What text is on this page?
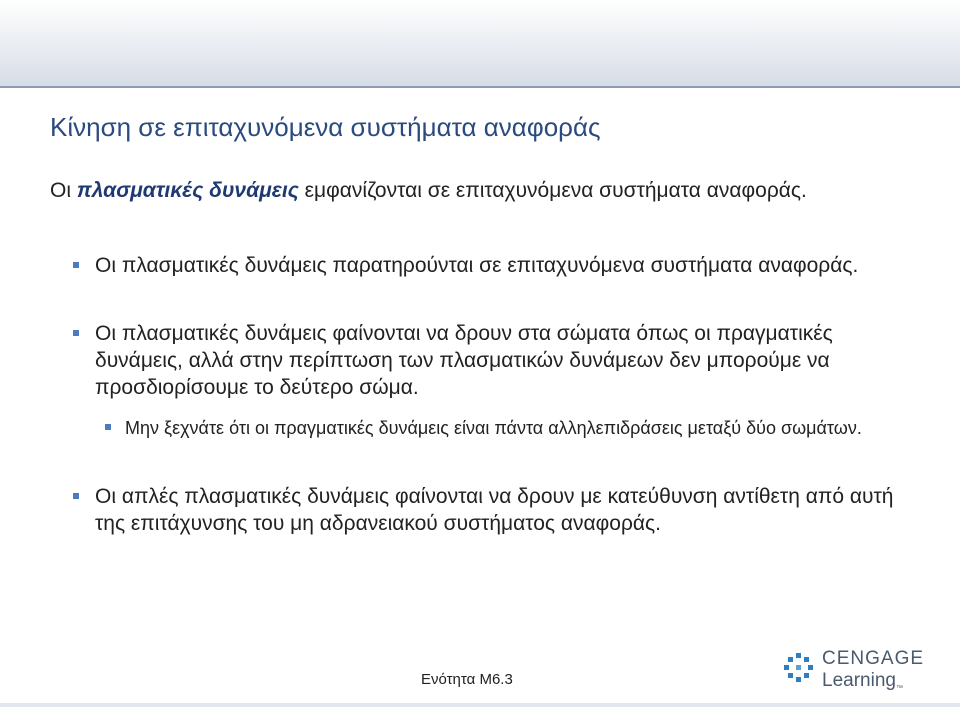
Κίνηση σε επιταχυνόμενα συστήματα αναφοράς

Οι πλασματικές δυνάμεις εμφανίζονται σε επιταχυνόμενα συστήματα αναφοράς.

Οι πλασματικές δυνάμεις παρατηρούνται σε επιταχυνόμενα συστήματα αναφοράς.

Οι πλασματικές δυνάμεις φαίνονται να δρουν στα σώματα όπως οι πραγματικές δυνάμεις, αλλά στην περίπτωση των πλασματικών δυνάμεων δεν μπορούμε να προσδιορίσουμε το δεύτερο σώμα.

Μην ξεχνάτε ότι οι πραγματικές δυνάμεις είναι πάντα αλληλεπιδράσεις μεταξύ δύο σωμάτων.

Οι απλές πλασματικές δυνάμεις φαίνονται να δρουν με κατεύθυνση αντίθετη από αυτή της επιτάχυνσης του μη αδρανειακού συστήματος αναφοράς.

Ενότητα Μ6.3
CENGAGE
Learning™
